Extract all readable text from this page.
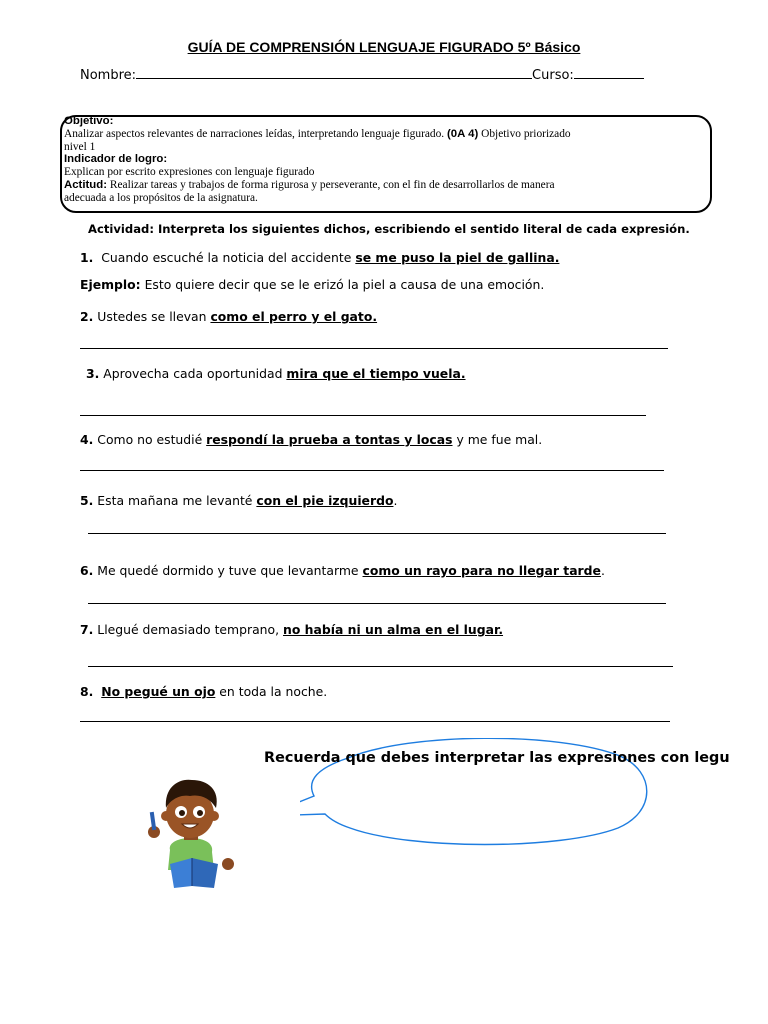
GUÍA DE COMPRENSIÓN LENGUAJE FIGURADO 5º Básico
Nombre:	Curso:
Objetivo:
Analizar aspectos relevantes de narraciones leídas, interpretando lenguaje figurado. (0A 4) Objetivo priorizado
nivel 1
Indicador de logro:
Explican por escrito expresiones con lenguaje figurado
Actitud: Realizar tareas y trabajos de forma rigurosa y perseverante, con el fin de desarrollarlos de manera
adecuada a los propósitos de la asignatura.
Actividad: Interpreta los siguientes dichos, escribiendo el sentido literal de cada expresión.
1. Cuando escuché la noticia del accidente se me puso la piel de gallina.
Ejemplo: Esto quiere decir que se le erizó la piel a causa de una emoción.
2. Ustedes se llevan como el perro y el gato.
3. Aprovecha cada oportunidad mira que el tiempo vuela.
4. Como no estudié respondí la prueba a tontas y locas y me fue mal.
5. Esta mañana me levanté con el pie izquierdo.
6. Me quedé dormido y tuve que levantarme como un rayo para no llegar tarde.
7. Llegué demasiado temprano, no había ni un alma en el lugar.
8. No pegué un ojo en toda la noche.
Recuerda que debes interpretar las expresiones con legu
